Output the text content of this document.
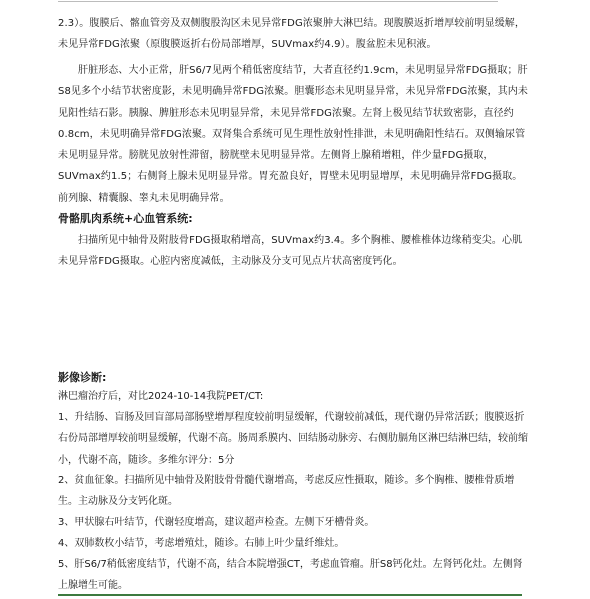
2.3）。腹膜后、髂血管旁及双侧腹股沟区未见异常FDG浓聚肿大淋巴结。现腹膜返折增厚较前明显缓解，未见异常FDG浓聚（原腹膜返折右份局部增厚，SUVmax约4.9）。腹盆腔未见积液。

肝脏形态、大小正常，肝S6/7见两个稍低密度结节，大者直径约1.9cm，未见明显异常FDG摄取；肝S8见多个小结节状密度影，未见明确异常FDG浓聚。胆囊形态未见明显异常，未见异常FDG浓聚，其内未见阳性结石影。胰腺、脾脏形态未见明显异常，未见异常FDG浓聚。左肾上极见结节状致密影，直径约0.8cm，未见明确异常FDG浓聚。双肾集合系统可见生理性放射性排泄，未见明确阳性结石。双侧输尿管未见明显异常。膀胱见放射性滞留，膀胱壁未见明显异常。左侧肾上腺稍增粗，伴少量FDG摄取，SUVmax约1.5；右侧肾上腺未见明显异常。胃充盈良好，胃壁未见明显增厚，未见明确异常FDG摄取。前列腺、精囊腺、睾丸未见明确异常。

骨骼肌肉系统+心血管系统:

扫描所见中轴骨及附肢骨FDG摄取稍增高，SUVmax约3.4。多个胸椎、腰椎椎体边缘稍变尖。心肌未见异常FDG摄取。心腔内密度减低，主动脉及分支可见点片状高密度钙化。

影像诊断:

淋巴瘤治疗后，对比2024-10-14我院PET/CT:

1、升结肠、盲肠及回盲部局部肠壁增厚程度较前明显缓解，代谢较前减低，现代谢仍异常活跃；腹膜返折右份局部增厚较前明显缓解，代谢不高。肠周系膜内、回结肠动脉旁、右侧肋膈角区淋巴结淋巴结，较前缩小，代谢不高，随诊。多维尔评分：5分

2、贫血征象。扫描所见中轴骨及附肢骨骨髓代谢增高，考虑反应性摄取，随诊。多个胸椎、腰椎骨质增生。主动脉及分支钙化斑。

3、甲状腺右叶结节，代谢轻度增高，建议超声检查。左侧下牙槽骨炎。

4、双肺数枚小结节，考虑增殖灶，随诊。右肺上叶少量纤维灶。

5、肝S6/7稍低密度结节，代谢不高，结合本院增强CT，考虑血管瘤。肝S8钙化灶。左肾钙化灶。左侧肾上腺增生可能。
